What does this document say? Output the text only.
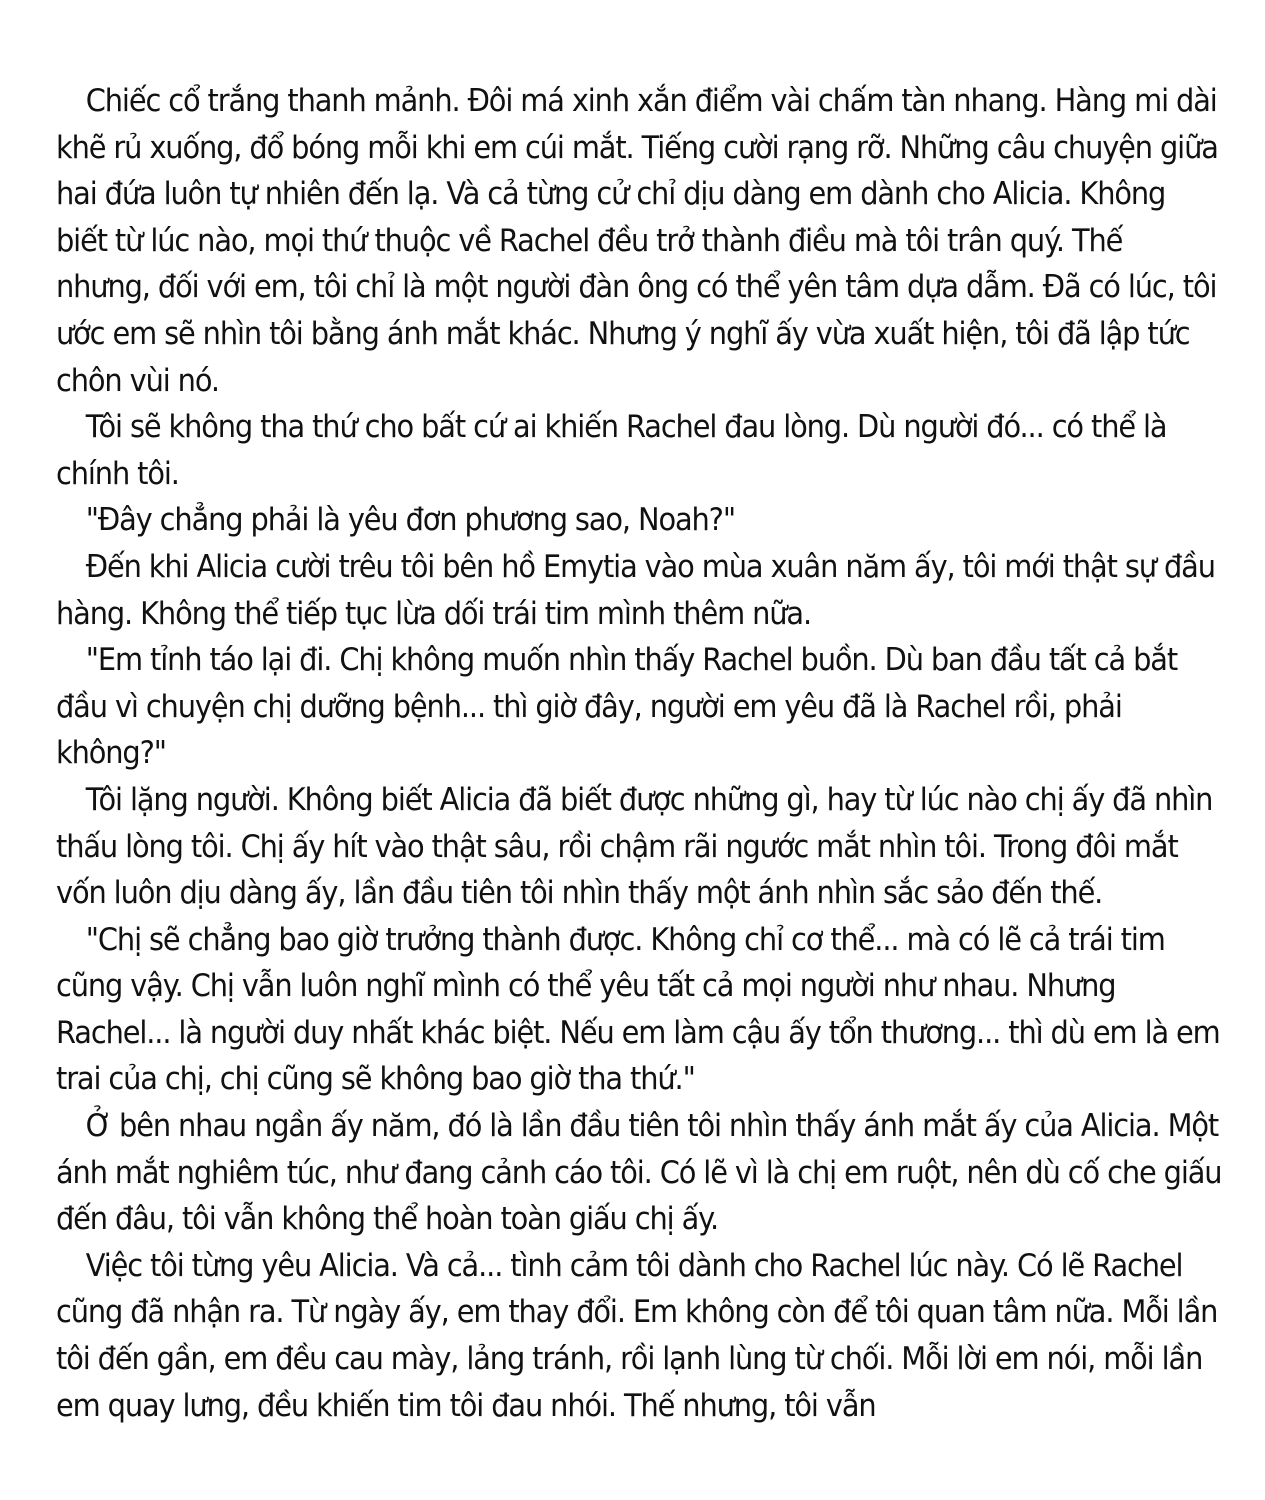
Chiếc cổ trắng thanh mảnh. Đôi má xinh xắn điểm vài chấm tàn nhang. Hàng mi dài khẽ rủ xuống, đổ bóng mỗi khi em cúi mắt. Tiếng cười rạng rỡ. Những câu chuyện giữa hai đứa luôn tự nhiên đến lạ. Và cả từng cử chỉ dịu dàng em dành cho Alicia. Không biết từ lúc nào, mọi thứ thuộc về Rachel đều trở thành điều mà tôi trân quý. Thế nhưng, đối với em, tôi chỉ là một người đàn ông có thể yên tâm dựa dẫm. Đã có lúc, tôi ước em sẽ nhìn tôi bằng ánh mắt khác. Nhưng ý nghĩ ấy vừa xuất hiện, tôi đã lập tức chôn vùi nó.

Tôi sẽ không tha thứ cho bất cứ ai khiến Rachel đau lòng. Dù người đó... có thể là chính tôi.

"Đây chẳng phải là yêu đơn phương sao, Noah?"

Đến khi Alicia cười trêu tôi bên hồ Emytia vào mùa xuân năm ấy, tôi mới thật sự đầu hàng. Không thể tiếp tục lừa dối trái tim mình thêm nữa.

"Em tỉnh táo lại đi. Chị không muốn nhìn thấy Rachel buồn. Dù ban đầu tất cả bắt đầu vì chuyện chị dưỡng bệnh... thì giờ đây, người em yêu đã là Rachel rồi, phải không?"

Tôi lặng người. Không biết Alicia đã biết được những gì, hay từ lúc nào chị ấy đã nhìn thấu lòng tôi. Chị ấy hít vào thật sâu, rồi chậm rãi ngước mắt nhìn tôi. Trong đôi mắt vốn luôn dịu dàng ấy, lần đầu tiên tôi nhìn thấy một ánh nhìn sắc sảo đến thế.

"Chị sẽ chẳng bao giờ trưởng thành được. Không chỉ cơ thể... mà có lẽ cả trái tim cũng vậy. Chị vẫn luôn nghĩ mình có thể yêu tất cả mọi người như nhau. Nhưng Rachel... là người duy nhất khác biệt. Nếu em làm cậu ấy tổn thương... thì dù em là em trai của chị, chị cũng sẽ không bao giờ tha thứ."

Ở bên nhau ngần ấy năm, đó là lần đầu tiên tôi nhìn thấy ánh mắt ấy của Alicia. Một ánh mắt nghiêm túc, như đang cảnh cáo tôi. Có lẽ vì là chị em ruột, nên dù cố che giấu đến đâu, tôi vẫn không thể hoàn toàn giấu chị ấy.

Việc tôi từng yêu Alicia. Và cả... tình cảm tôi dành cho Rachel lúc này. Có lẽ Rachel cũng đã nhận ra. Từ ngày ấy, em thay đổi. Em không còn để tôi quan tâm nữa. Mỗi lần tôi đến gần, em đều cau mày, lảng tránh, rồi lạnh lùng từ chối. Mỗi lời em nói, mỗi lần em quay lưng, đều khiến tim tôi đau nhói. Thế nhưng, tôi vẫn
